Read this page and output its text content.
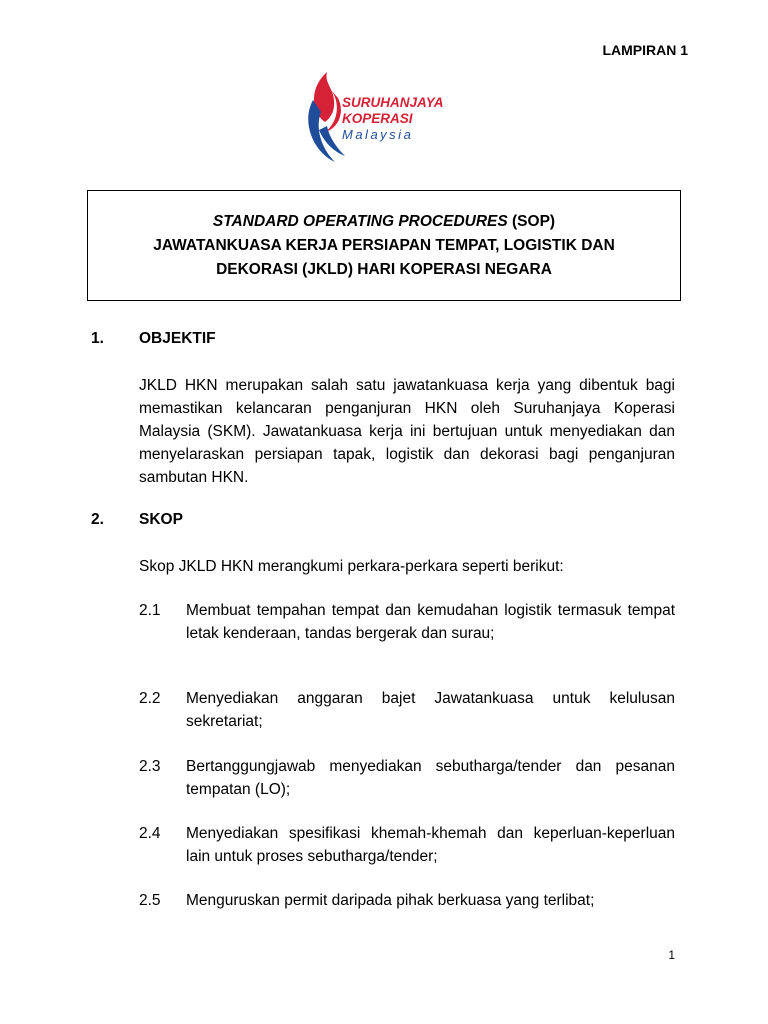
LAMPIRAN 1
SURUHANJAYA
KOPERASI
Malaysia
STANDARD OPERATING PROCEDURES (SOP)
JAWATANKUASA KERJA PERSIAPAN TEMPAT, LOGISTIK DAN
DEKORASI (JKLD) HARI KOPERASI NEGARA
1. OBJEKTIF
JKLD HKN merupakan salah satu jawatankuasa kerja yang dibentuk bagi memastikan kelancaran penganjuran HKN oleh Suruhanjaya Koperasi Malaysia (SKM). Jawatankuasa kerja ini bertujuan untuk menyediakan dan menyelaraskan persiapan tapak, logistik dan dekorasi bagi penganjuran sambutan HKN.
2. SKOP
Skop JKLD HKN merangkumi perkara-perkara seperti berikut:
2.1 Membuat tempahan tempat dan kemudahan logistik termasuk tempat letak kenderaan, tandas bergerak dan surau;
2.2 Menyediakan anggaran bajet Jawatankuasa untuk kelulusan sekretariat;
2.3 Bertanggungjawab menyediakan sebutharga/tender dan pesanan tempatan (LO);
2.4 Menyediakan spesifikasi khemah-khemah dan keperluan-keperluan lain untuk proses sebutharga/tender;
2.5 Menguruskan permit daripada pihak berkuasa yang terlibat;
1
